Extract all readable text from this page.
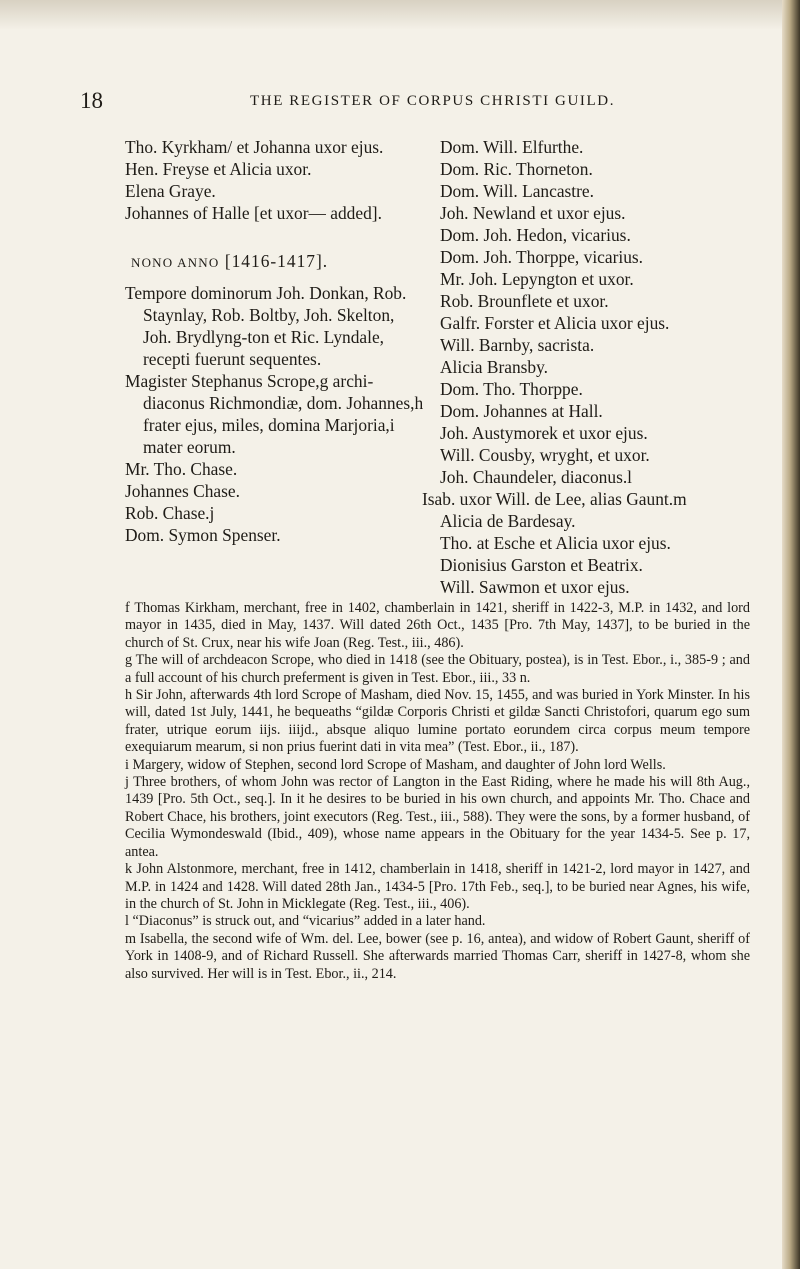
18	THE REGISTER OF CORPUS CHRISTI GUILD.

Tho. Kyrkham/ et Johanna uxor ejus.

Hen. Freyse et Alicia uxor.

Elena Graye.

Johannes of Halle [et uxor— added].

NONO ANNO [1416-1417].

Tempore dominorum Joh. Donkan, Rob. Staynlay, Rob. Boltby, Joh. Skelton, Joh. Brydlyng-ton et Ric. Lyndale, recepti fuerunt sequentes.

Magister Stephanus Scrope,g archi-diaconus Richmondiæ, dom. Johannes,h frater ejus, miles, domina Marjoria,i mater eorum.

Mr. Tho. Chase.

Johannes Chase.

Rob. Chase.j

Dom. Symon Spenser.

Dom. Will. Elfurthe.

Dom. Ric. Thorneton.

Dom. Will. Lancastre.

Joh. Newland et uxor ejus.

Dom. Joh. Hedon, vicarius.

Dom. Joh. Thorppe, vicarius.

Mr. Joh. Lepyngton et uxor.

Rob. Brounflete et uxor.

Galfr. Forster et Alicia uxor ejus.

Will. Barnby, sacrista.

Alicia Bransby.

Dom. Tho. Thorppe.

Dom. Johannes at Hall.

Joh. Austymorek et uxor ejus.

Will. Cousby, wryght, et uxor.

Joh. Chaundeler, diaconus.l

Isab. uxor Will. de Lee, alias Gaunt.m

Alicia de Bardesay.

Tho. at Esche et Alicia uxor ejus.

Dionisius Garston et Beatrix.

Will. Sawmon et uxor ejus.

f Thomas Kirkham, merchant, free in 1402, chamberlain in 1421, sheriff in 1422-3, M.P. in 1432, and lord mayor in 1435, died in May, 1437. Will dated 26th Oct., 1435 [Pro. 7th May, 1437], to be buried in the church of St. Crux, near his wife Joan (Reg. Test., iii., 486).

g The will of archdeacon Scrope, who died in 1418 (see the Obituary, postea), is in Test. Ebor., i., 385-9 ; and a full account of his church preferment is given in Test. Ebor., iii., 33 n.

h Sir John, afterwards 4th lord Scrope of Masham, died Nov. 15, 1455, and was buried in York Minster. In his will, dated 1st July, 1441, he bequeaths “gildæ Corporis Christi et gildæ Sancti Christofori, quarum ego sum frater, utrique eorum iijs. iiijd., absque aliquo lumine portato eorundem circa corpus meum tempore exequiarum mearum, si non prius fuerint dati in vita mea” (Test. Ebor., ii., 187).

i Margery, widow of Stephen, second lord Scrope of Masham, and daughter of John lord Wells.

j Three brothers, of whom John was rector of Langton in the East Riding, where he made his will 8th Aug., 1439 [Pro. 5th Oct., seq.]. In it he desires to be buried in his own church, and appoints Mr. Tho. Chace and Robert Chace, his brothers, joint executors (Reg. Test., iii., 588). They were the sons, by a former husband, of Cecilia Wymondeswald (Ibid., 409), whose name appears in the Obituary for the year 1434-5. See p. 17, antea.

k John Alstonmore, merchant, free in 1412, chamberlain in 1418, sheriff in 1421-2, lord mayor in 1427, and M.P. in 1424 and 1428. Will dated 28th Jan., 1434-5 [Pro. 17th Feb., seq.], to be buried near Agnes, his wife, in the church of St. John in Micklegate (Reg. Test., iii., 406).

l “Diaconus” is struck out, and “vicarius” added in a later hand.

m Isabella, the second wife of Wm. del. Lee, bower (see p. 16, antea), and widow of Robert Gaunt, sheriff of York in 1408-9, and of Richard Russell. She afterwards married Thomas Carr, sheriff in 1427-8, whom she also survived. Her will is in Test. Ebor., ii., 214.
